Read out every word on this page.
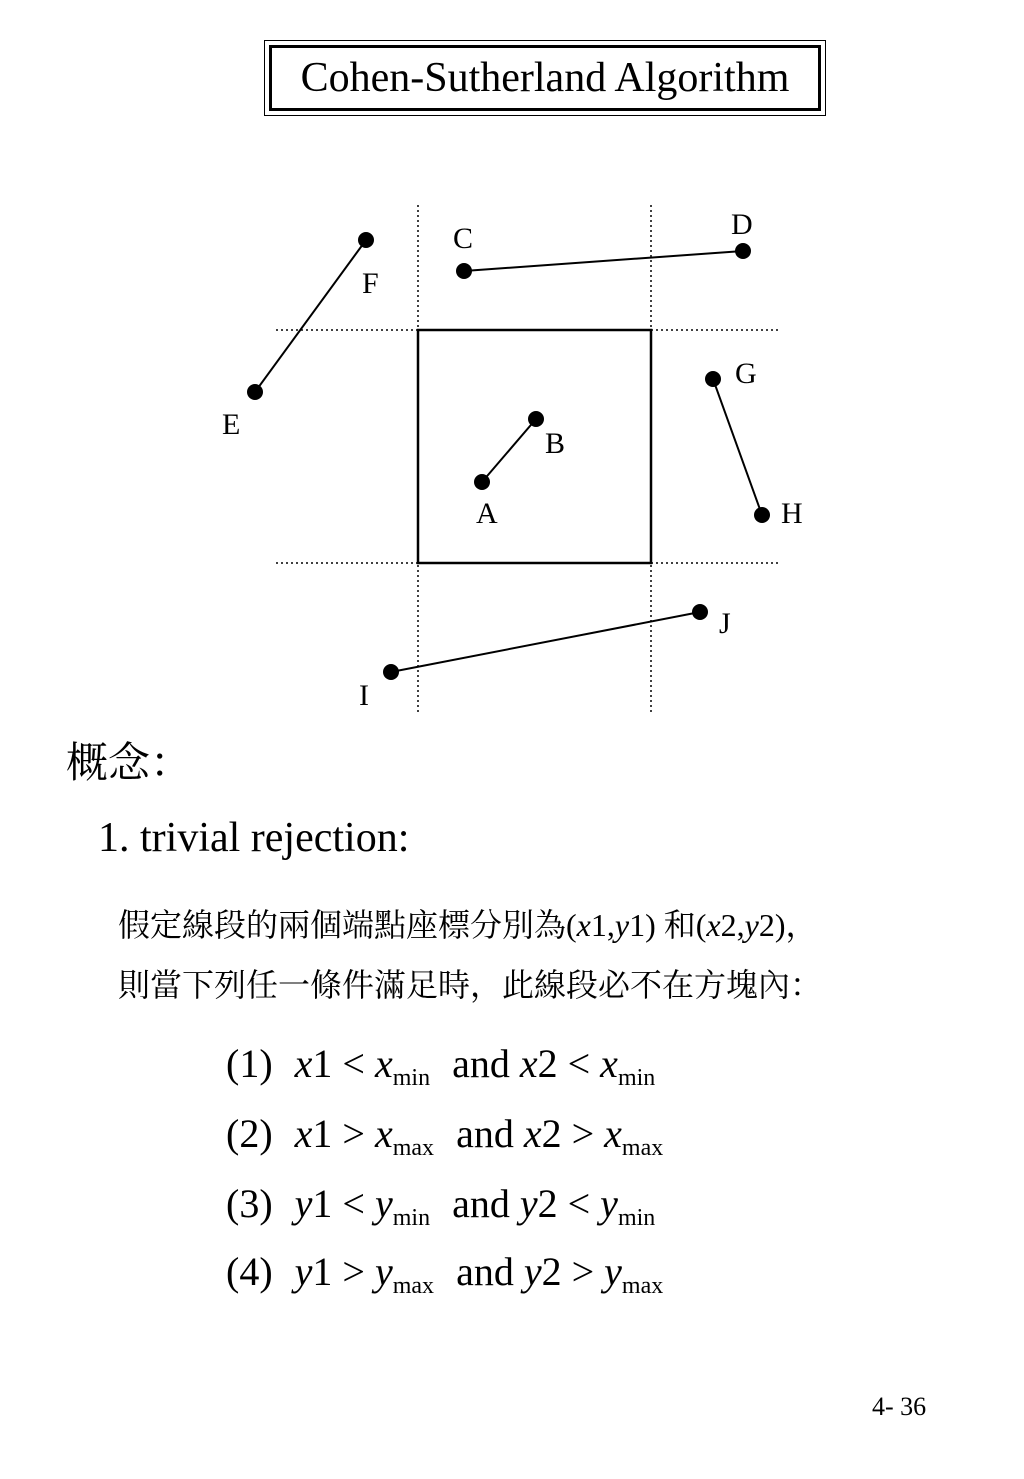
Cohen-Sutherland Algorithm
C	D
F
E
B
A
G
H
J
I
概念：
1. trivial rejection:
假定線段的兩個端點座標分別為(x1,y1) 和(x2,y2)，
則當下列任一條件滿足時，此線段必不在方塊內：
(1) $x1 < x_{min}$ and $x2 < x_{min}$
(2) $x1 > x_{max}$ and $x2 > x_{max}$
(3) $y1 < y_{min}$ and $y2 < y_{min}$
(4) $y1 > y_{max}$ and $y2 > y_{max}$
4- 36
